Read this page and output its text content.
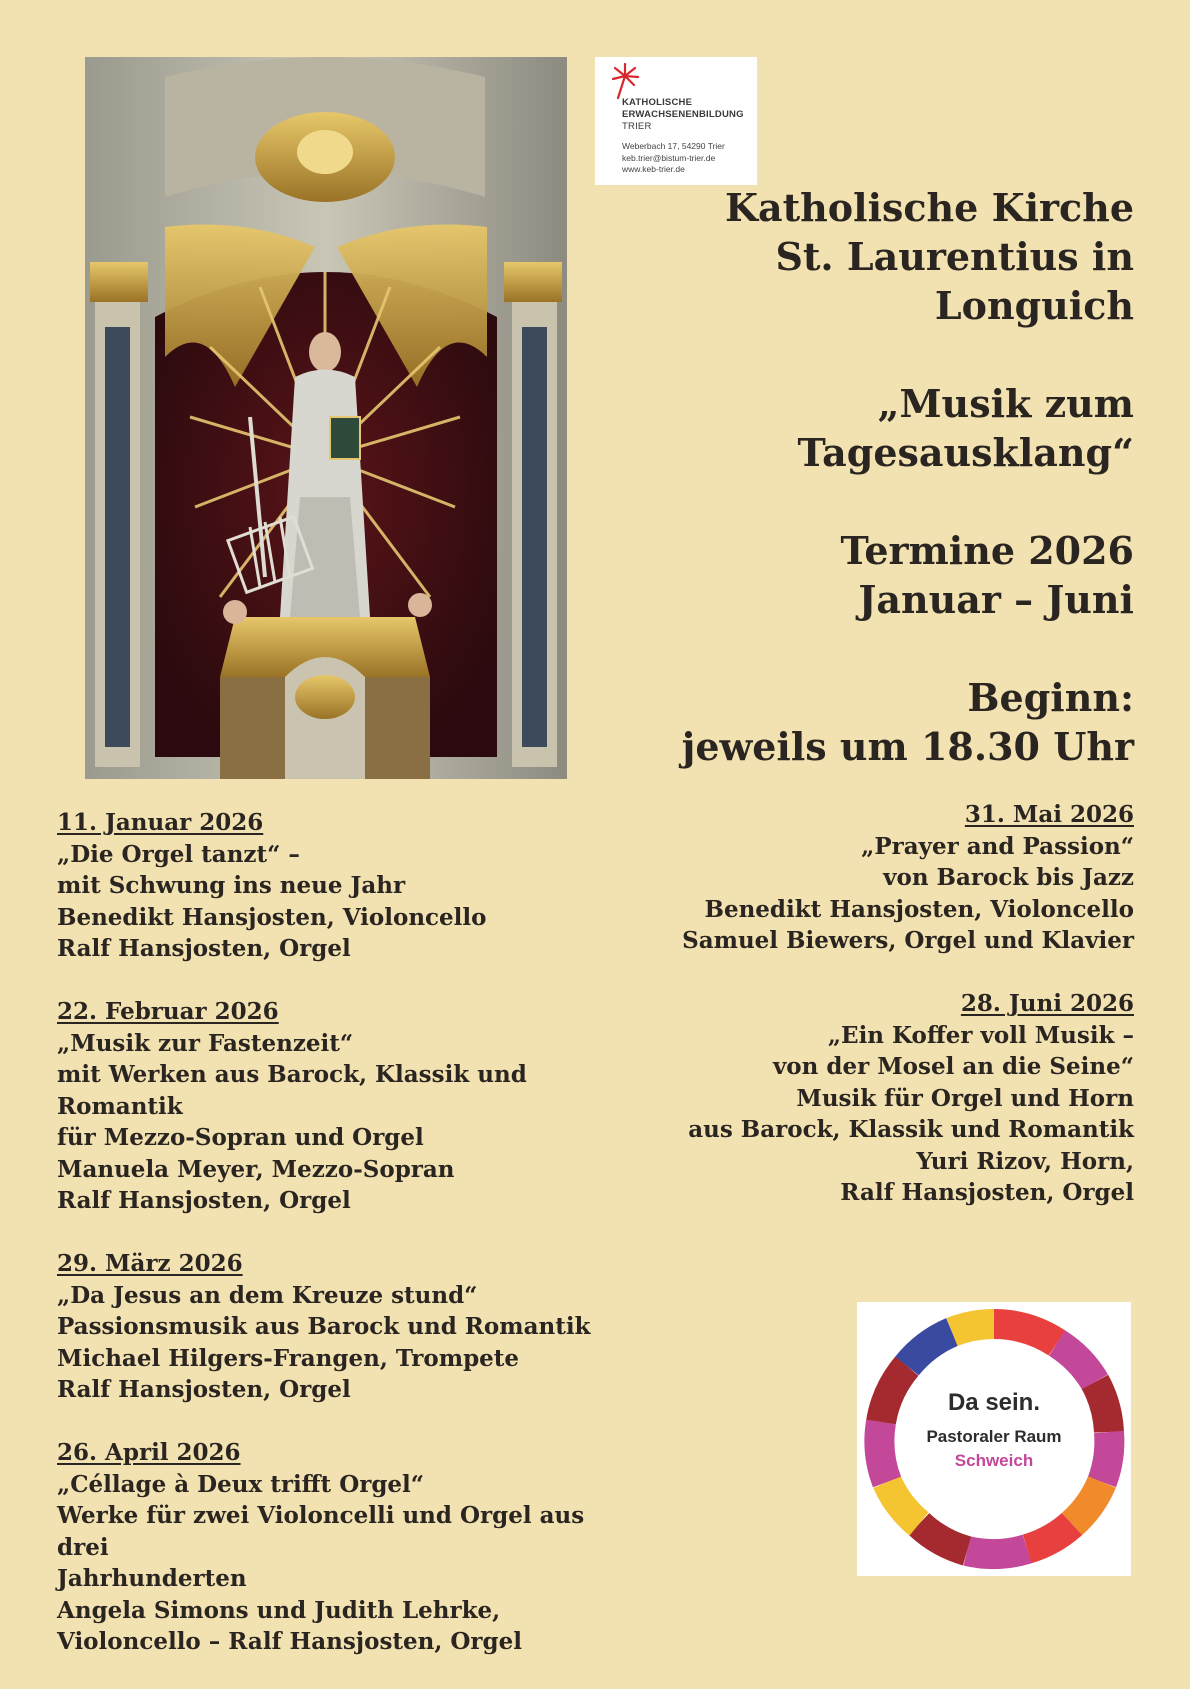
KATHOLISCHE
ERWACHSENENBILDUNG
TRIER
Weberbach 17, 54290 Trier
keb.trier@bistum-trier.de
www.keb-trier.de
Katholische Kirche
St. Laurentius in Longuich
„Musik zum
Tagesausklang“
Termine 2026
Januar – Juni
Beginn:
jeweils um 18.30 Uhr
11. Januar 2026
„Die Orgel tanzt“ –
mit Schwung ins neue Jahr
Benedikt Hansjosten, Violoncello
Ralf Hansjosten, Orgel
22. Februar 2026
„Musik zur Fastenzeit“
mit Werken aus Barock, Klassik und
Romantik
für Mezzo-Sopran und Orgel
Manuela Meyer, Mezzo-Sopran
Ralf Hansjosten, Orgel
29. März 2026
„Da Jesus an dem Kreuze stund“
Passionsmusik aus Barock und Romantik
Michael Hilgers-Frangen, Trompete
Ralf Hansjosten, Orgel
26. April 2026
„Céllage à Deux trifft Orgel“
Werke für zwei Violoncelli und Orgel aus drei
Jahrhunderten
Angela Simons und Judith Lehrke,
Violoncello – Ralf Hansjosten, Orgel
31. Mai 2026
„Prayer and Passion“
von Barock bis Jazz
Benedikt Hansjosten, Violoncello
Samuel Biewers, Orgel und Klavier
28. Juni 2026
„Ein Koffer voll Musik –
von der Mosel an die Seine“
Musik für Orgel und Horn
aus Barock, Klassik und Romantik
Yuri Rizov, Horn,
Ralf Hansjosten, Orgel
Da sein.
Pastoraler Raum
Schweich
